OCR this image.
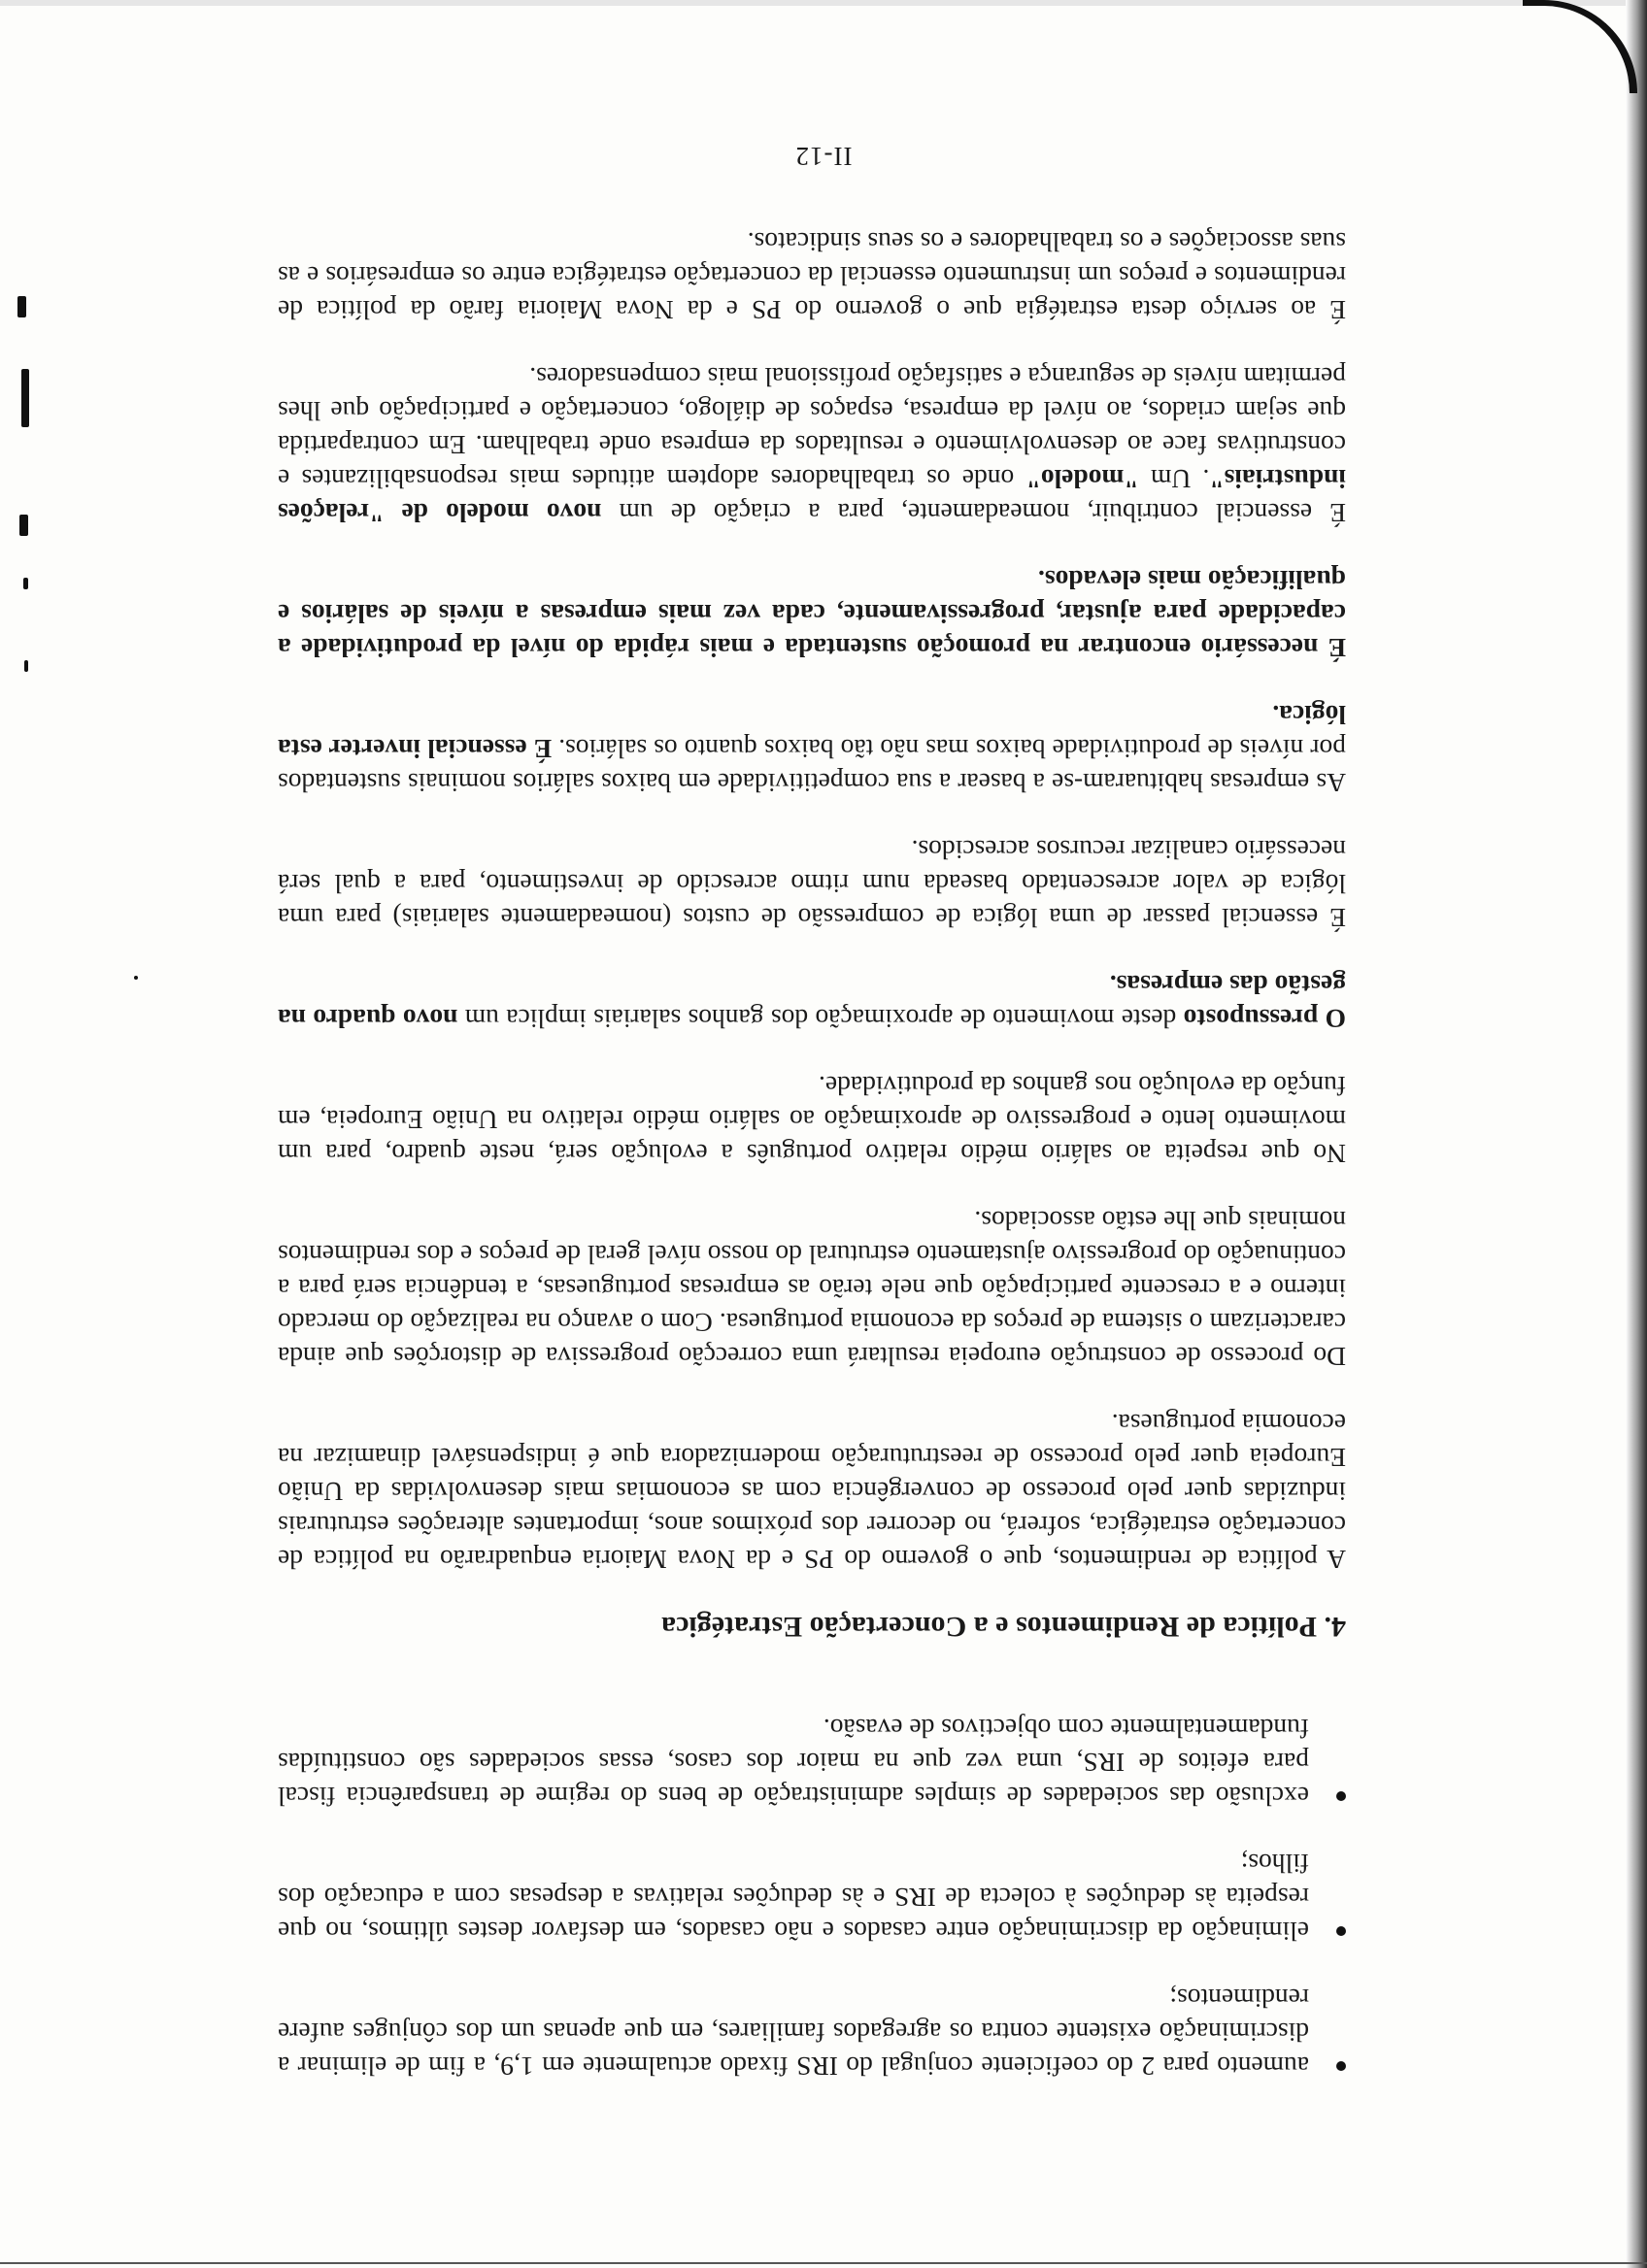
aumento para 2 do coeficiente conjugal do IRS fixado actualmente em 1,9, a fim de eliminar a discriminação existente contra os agregados familiares, em que apenas um dos cônjuges aufere rendimentos;
eliminação da discriminação entre casados e não casados, em desfavor destes últimos, no que respeita às deduções à colecta de IRS e às deduções relativas a despesas com a educação dos filhos;
exclusão das sociedades de simples administração de bens do regime de transparência fiscal para efeitos de IRS, uma vez que na maior dos casos, essas sociedades são constituídas fundamentalmente com objectivos de evasão.
4. Política de Rendimentos e a Concertação Estratégica

A política de rendimentos, que o governo do PS e da Nova Maioria enquadrarão na política de concertação estratégica, sofrerá, no decorrer dos próximos anos, importantes alterações estruturais induzidas quer pelo processo de convergência com as economias mais desenvolvidas da União Europeia quer pelo processo de reestruturação modernizadora que é indispensável dinamizar na economia portuguesa.

Do processo de construção europeia resultará uma correcção progressiva de distorções que ainda caracterizam o sistema de preços da economia portuguesa. Com o avanço na realização do mercado interno e a crescente participação que nele terão as empresas portuguesas, a tendência será para a continuação do progressivo ajustamento estrutural do nosso nível geral de preços e dos rendimentos nominais que lhe estão associados.

No que respeita ao salário médio relativo português a evolução será, neste quadro, para um movimento lento e progressivo de aproximação ao salário médio relativo na União Europeia, em função da evolução nos ganhos da produtividade.

O pressuposto deste movimento de aproximação dos ganhos salariais implica um novo quadro na gestão das empresas.

É essencial passar de uma lógica de compressão de custos (nomeadamente salariais) para uma lógica de valor acrescentado baseada num ritmo acrescido de investimento, para a qual será necessário canalizar recursos acrescidos.

As empresas habituaram-se a basear a sua competitividade em baixos salários nominais sustentados por níveis de produtividade baixos mas não tão baixos quanto os salários. É essencial inverter esta lógica.

É necessário encontrar na promoção sustentada e mais rápida do nível da produtividade a capacidade para ajustar, progressivamente, cada vez mais empresas a níveis de salários e qualificação mais elevados.

É essencial contribuir, nomeadamente, para a criação de um novo modelo de "relações industriais". Um "modelo" onde os trabalhadores adoptem atitudes mais responsabilizantes e construtivas face ao desenvolvimento e resultados da empresa onde trabalham. Em contrapartida que sejam criados, ao nível da empresa, espaços de diálogo, concertação e participação que lhes permitam níveis de segurança e satisfação profissional mais compensadores.

É ao serviço desta estratégia que o governo do PS e da Nova Maioria farão da política de rendimentos e preços um instrumento essencial da concertação estratégica entre os empresários e as suas associações e os trabalhadores e os seus sindicatos.

II-12
